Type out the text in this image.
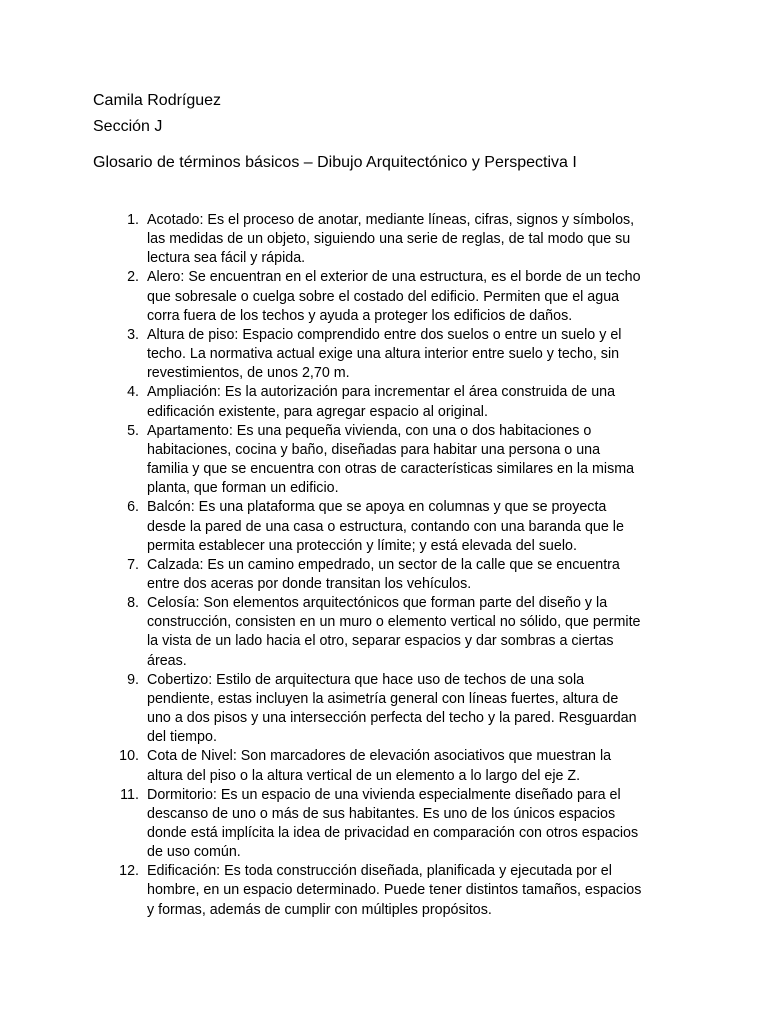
Camila Rodríguez

Sección J

Glosario de términos básicos – Dibujo Arquitectónico y Perspectiva I

1. Acotado: Es el proceso de anotar, mediante líneas, cifras, signos y símbolos,
las medidas de un objeto, siguiendo una serie de reglas, de tal modo que su
lectura sea fácil y rápida.
2. Alero: Se encuentran en el exterior de una estructura, es el borde de un techo
que sobresale o cuelga sobre el costado del edificio. Permiten que el agua
corra fuera de los techos y ayuda a proteger los edificios de daños.
3. Altura de piso: Espacio comprendido entre dos suelos o entre un suelo y el
techo. La normativa actual exige una altura interior entre suelo y techo, sin
revestimientos, de unos 2,70 m.
4. Ampliación: Es la autorización para incrementar el área construida de una
edificación existente, para agregar espacio al original.
5. Apartamento: Es una pequeña vivienda, con una o dos habitaciones o
habitaciones, cocina y baño, diseñadas para habitar una persona o una
familia y que se encuentra con otras de características similares en la misma
planta, que forman un edificio.
6. Balcón: Es una plataforma que se apoya en columnas y que se proyecta
desde la pared de una casa o estructura, contando con una baranda que le
permita establecer una protección y límite; y está elevada del suelo.
7. Calzada: Es un camino empedrado, un sector de la calle que se encuentra
entre dos aceras por donde transitan los vehículos.
8. Celosía: Son elementos arquitectónicos que forman parte del diseño y la
construcción, consisten en un muro o elemento vertical no sólido, que permite
la vista de un lado hacia el otro, separar espacios y dar sombras a ciertas
áreas.
9. Cobertizo: Estilo de arquitectura que hace uso de techos de una sola
pendiente, estas incluyen la asimetría general con líneas fuertes, altura de
uno a dos pisos y una intersección perfecta del techo y la pared. Resguardan
del tiempo.
10. Cota de Nivel: Son marcadores de elevación asociativos que muestran la
altura del piso o la altura vertical de un elemento a lo largo del eje Z.
11. Dormitorio: Es un espacio de una vivienda especialmente diseñado para el
descanso de uno o más de sus habitantes. Es uno de los únicos espacios
donde está implícita la idea de privacidad en comparación con otros espacios
de uso común.
12. Edificación: Es toda construcción diseñada, planificada y ejecutada por el
hombre, en un espacio determinado. Puede tener distintos tamaños, espacios
y formas, además de cumplir con múltiples propósitos.
